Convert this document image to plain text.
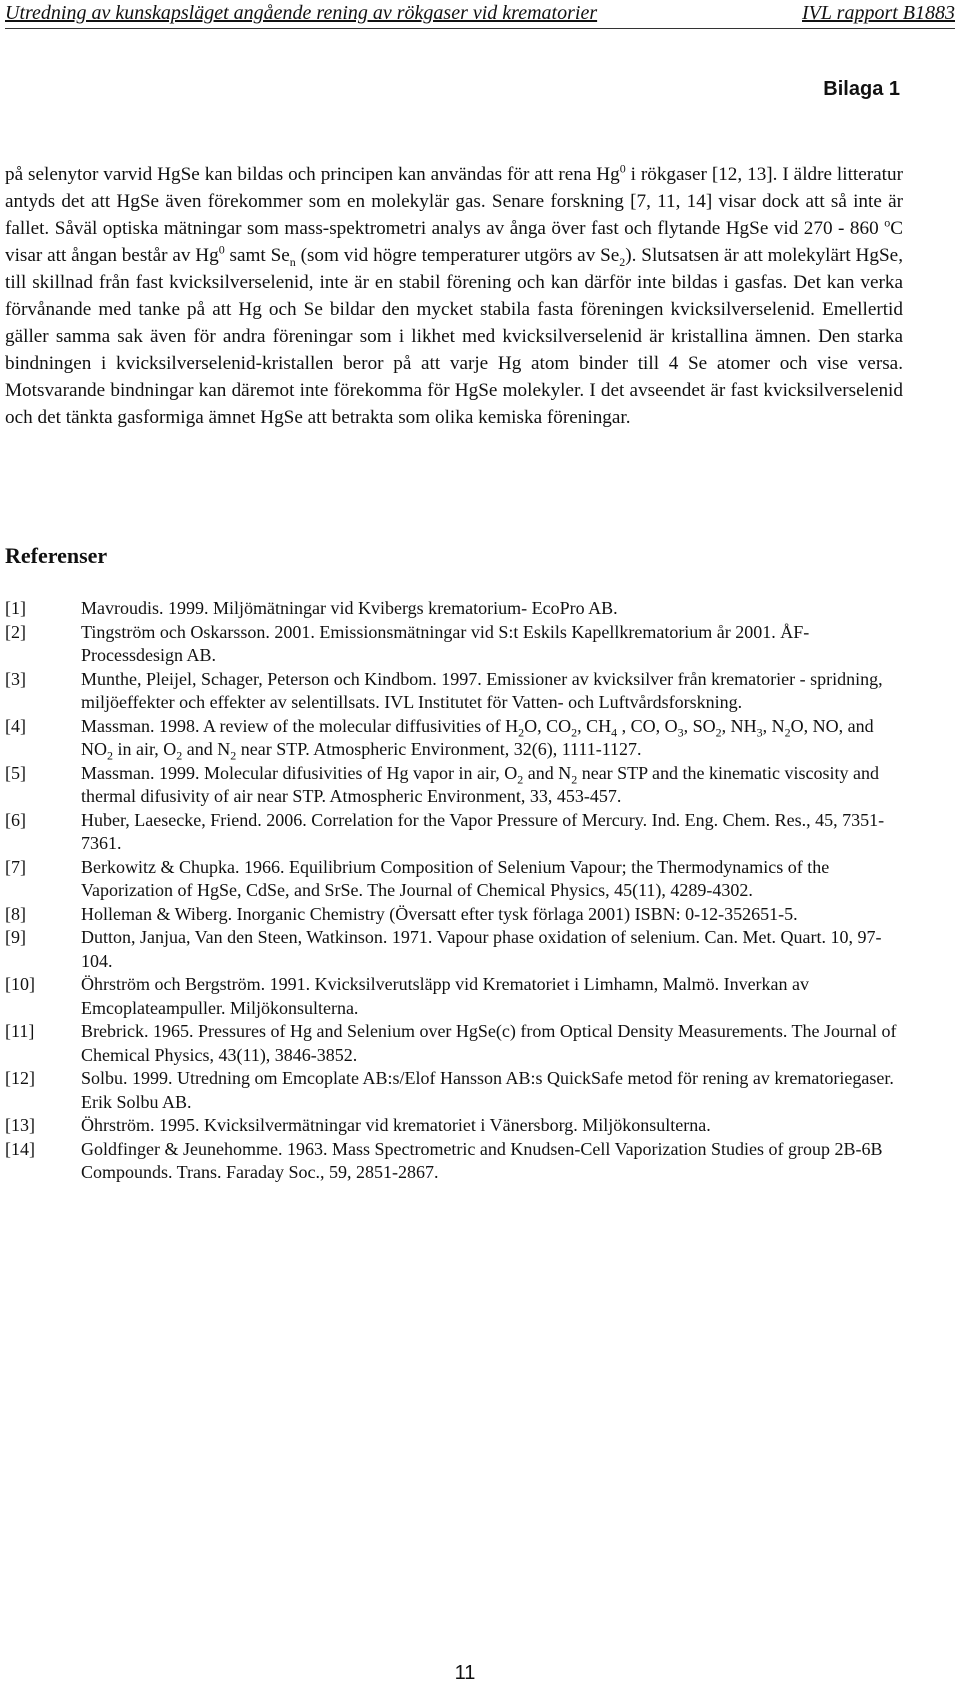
Utredning av kunskapsläget angående rening av rökgaser vid krematorier	IVL rapport B1883
Bilaga 1

på selenytor varvid HgSe kan bildas och principen kan användas för att rena Hg$^0$ i rökgaser [12, 13]. I äldre litteratur antyds det att HgSe även förekommer som en molekylär gas. Senare forskning [7, 11, 14] visar dock att så inte är fallet. Såväl optiska mätningar som mass-spektrometri analys av ånga över fast och flytande HgSe vid 270 - 860 $^o$C visar att ångan består av Hg$^0$ samt $Se_n$ (som vid högre temperaturer utgörs av $Se_2$). Slutsatsen är att molekylärt HgSe, till skillnad från fast kvicksilverselenid, inte är en stabil förening och kan därför inte bildas i gasfas. Det kan verka förvånande med tanke på att Hg och Se bildar den mycket stabila fasta föreningen kvicksilverselenid. Emellertid gäller samma sak även för andra föreningar som i likhet med kvicksilverselenid är kristallina ämnen. Den starka bindningen i kvicksilverselenid-kristallen beror på att varje Hg atom binder till 4 Se atomer och vise versa. Motsvarande bindningar kan däremot inte förekomma för HgSe molekyler. I det avseendet är fast kvicksilverselenid och det tänkta gasformiga ämnet HgSe att betrakta som olika kemiska föreningar.

Referenser
[1]	Mavroudis. 1999. Miljömätningar vid Kvibergs krematorium- EcoPro AB.
[2]	Tingström och Oskarsson. 2001. Emissionsmätningar vid S:t Eskils Kapellkrematorium år 2001. ÅF-Processdesign AB.
[3]	Munthe, Pleijel, Schager, Peterson och Kindbom. 1997. Emissioner av kvicksilver från krematorier - spridning, miljöeffekter och effekter av selentillsats. IVL Institutet för Vatten- och Luftvårdsforskning.
[4]	Massman. 1998. A review of the molecular diffusivities of $H_2O$, $CO_2$, $CH_4$ , CO, $O_3$, $SO_2$, $NH_3$, $N_2O$, NO, and $NO_2$ in air, $O_2$ and $N_2$ near STP. Atmospheric Environment, 32(6), 1111-1127.
[5]	Massman. 1999. Molecular difusivities of Hg vapor in air, $O_2$ and $N_2$ near STP and the kinematic viscosity and thermal difusivity of air near STP. Atmospheric Environment, 33, 453-457.
[6]	Huber, Laesecke, Friend. 2006. Correlation for the Vapor Pressure of Mercury. Ind. Eng. Chem. Res., 45, 7351-7361.
[7]	Berkowitz & Chupka. 1966. Equilibrium Composition of Selenium Vapour; the Thermodynamics of the Vaporization of HgSe, CdSe, and SrSe. The Journal of Chemical Physics, 45(11), 4289-4302.
[8]	Holleman & Wiberg. Inorganic Chemistry (Översatt efter tysk förlaga 2001) ISBN: 0-12-352651-5.
[9]	Dutton, Janjua, Van den Steen, Watkinson. 1971. Vapour phase oxidation of selenium. Can. Met. Quart. 10, 97-104.
[10]	Öhrström och Bergström. 1991. Kvicksilverutsläpp vid Krematoriet i Limhamn, Malmö. Inverkan av Emcoplateampuller. Miljökonsulterna.
[11]	Brebrick. 1965. Pressures of Hg and Selenium over HgSe(c) from Optical Density Measurements. The Journal of Chemical Physics, 43(11), 3846-3852.
[12]	Solbu. 1999. Utredning om Emcoplate AB:s/Elof Hansson AB:s QuickSafe metod för rening av krematoriegaser. Erik Solbu AB.
[13]	Öhrström. 1995. Kvicksilvermätningar vid krematoriet i Vänersborg. Miljökonsulterna.
[14]	Goldfinger & Jeunehomme. 1963. Mass Spectrometric and Knudsen-Cell Vaporization Studies of group 2B-6B Compounds. Trans. Faraday Soc., 59, 2851-2867.
11
